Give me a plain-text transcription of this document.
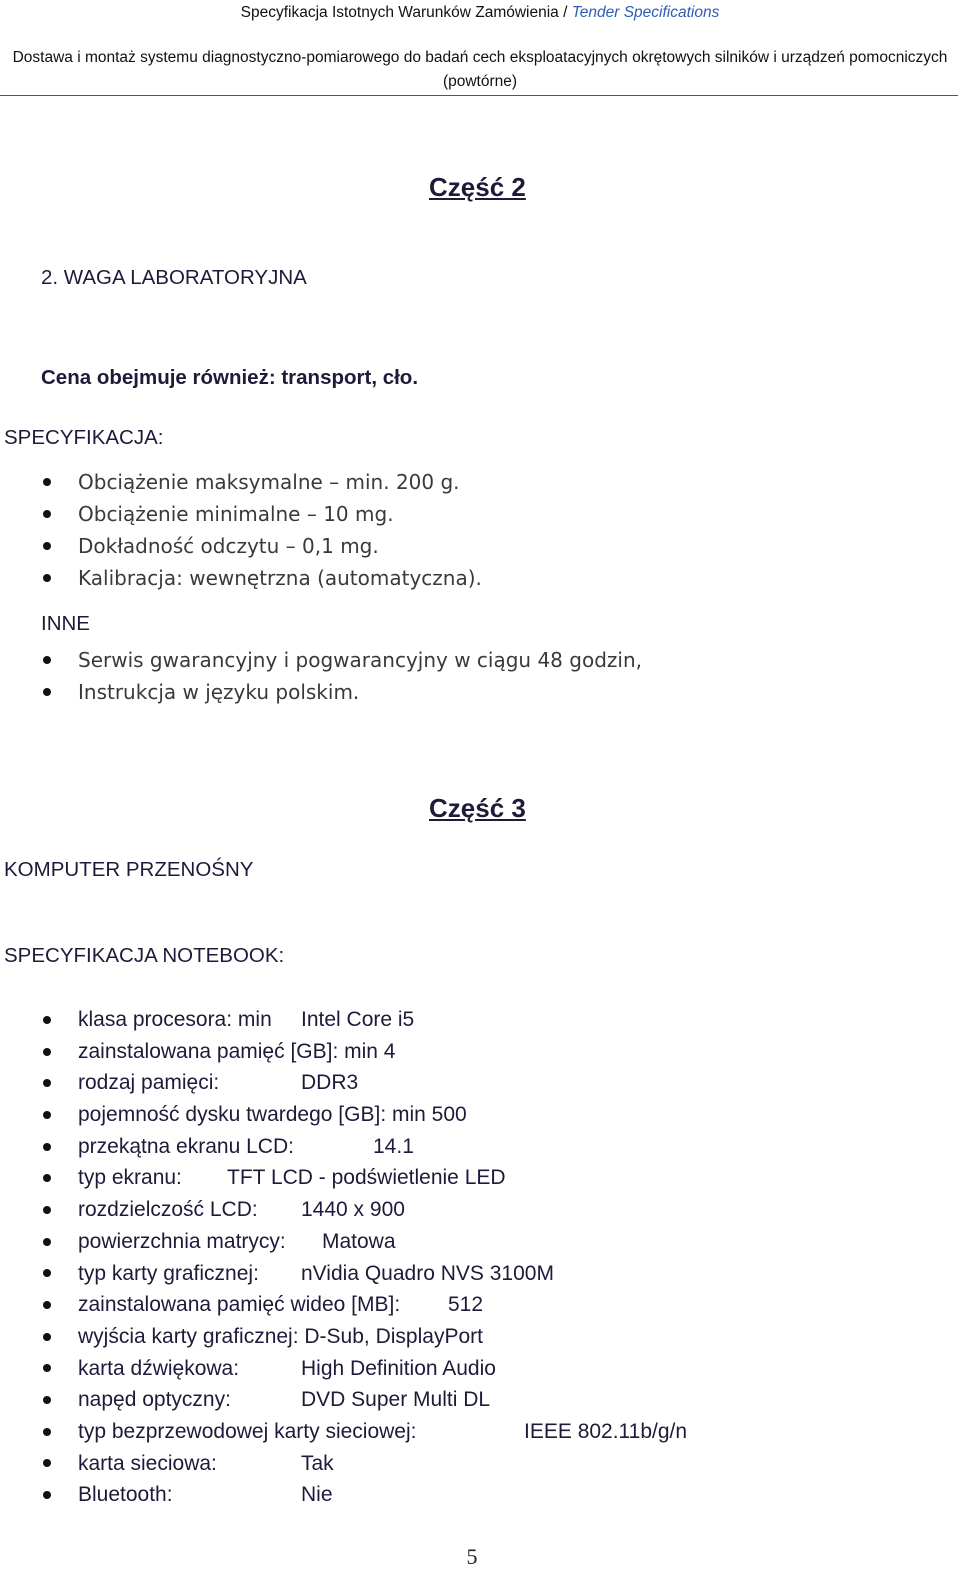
Specyfikacja Istotnych Warunków Zamówienia / Tender Specifications
Dostawa i montaż systemu diagnostyczno-pomiarowego do badań cech eksploatacyjnych okrętowych silników i urządzeń pomocniczych (powtórne)
Część 2
2. WAGA LABORATORYJNA
Cena obejmuje również: transport, cło.
SPECYFIKACJA:
Obciążenie maksymalne – min. 200 g.
Obciążenie minimalne – 10 mg.
Dokładność odczytu – 0,1 mg.
Kalibracja: wewnętrzna (automatyczna).
INNE
Serwis gwarancyjny i pogwarancyjny w ciągu 48 godzin,
Instrukcja w języku polskim.
Część 3
KOMPUTER PRZENOŚNY
SPECYFIKACJA NOTEBOOK:
klasa procesora: min Intel Core i5
zainstalowana pamięć [GB]: min 4
rodzaj pamięci:	DDR3
pojemność dysku twardego [GB]: min 500
przekątna ekranu LCD:	14.1
typ ekranu: TFT LCD - podświetlenie LED
rozdzielczość LCD: 1440 x 900
powierzchnia matrycy: Matowa
typ karty graficznej: nVidia Quadro NVS 3100M
zainstalowana pamięć wideo [MB]: 512
wyjścia karty graficznej: D-Sub, DisplayPort
karta dźwiękowa:	High Definition Audio
napęd optyczny:	DVD Super Multi DL
typ bezprzewodowej karty sieciowej:	IEEE 802.11b/g/n
karta sieciowa:	Tak
Bluetooth:	Nie
5
